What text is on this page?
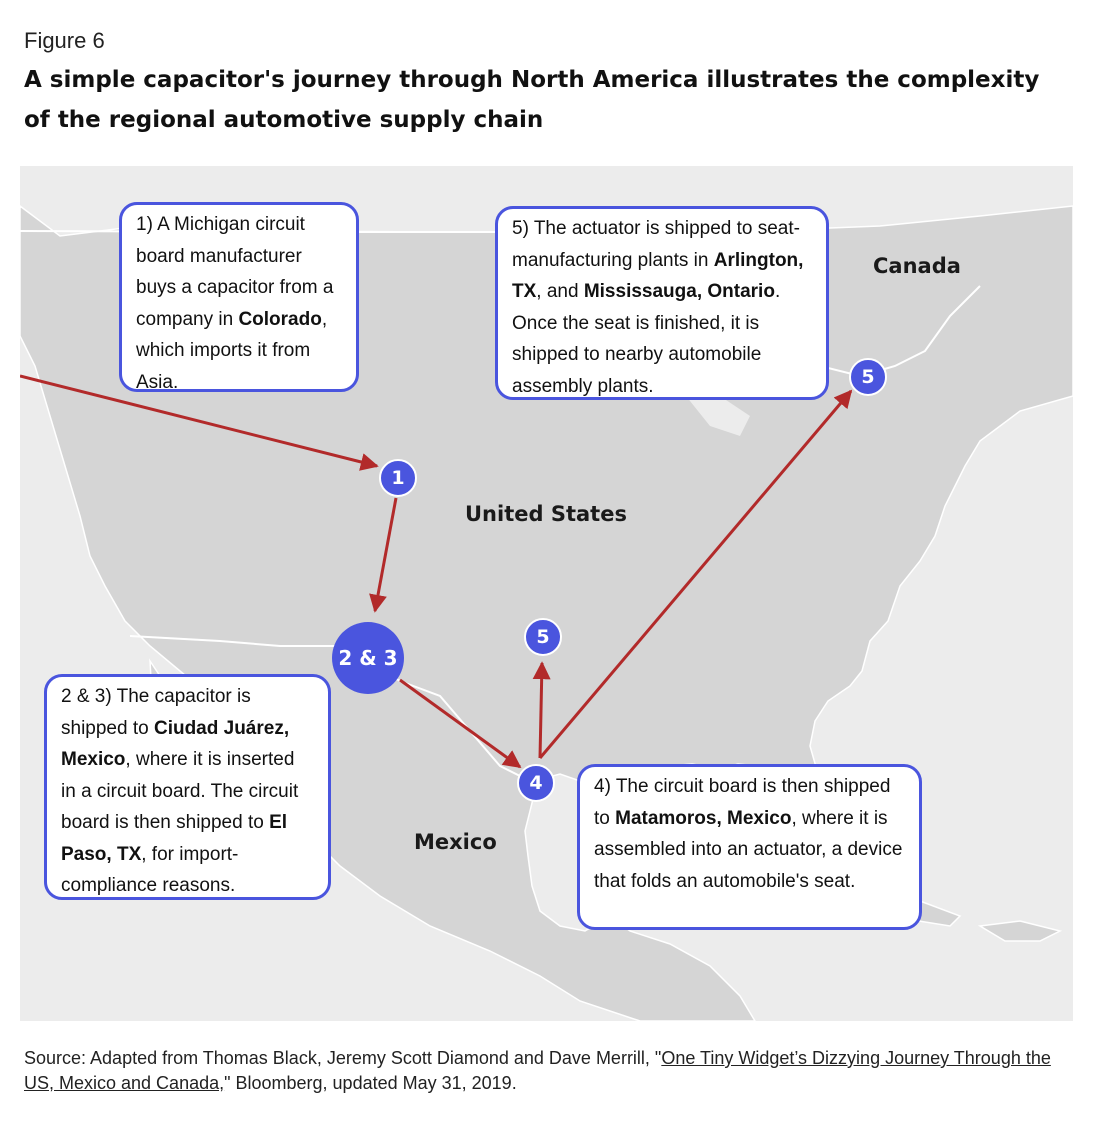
Figure 6
A simple capacitor's journey through North America illustrates the complexity of the regional automotive supply chain
Canada
United States
Mexico
1
2 & 3
4
5
5
1) A Michigan circuit board manufacturer buys a capacitor from a company in Colorado, which imports it from Asia.
5) The actuator is shipped to seat-manufacturing plants in Arlington, TX, and Mississauga, Ontario. Once the seat is finished, it is shipped to nearby automobile assembly plants.
2 & 3) The capacitor is shipped to Ciudad Juárez, Mexico, where it is inserted in a circuit board. The circuit board is then shipped to El Paso, TX, for import-compliance reasons.
4) The circuit board is then shipped to Matamoros, Mexico, where it is assembled into an actuator, a device that folds an automobile's seat.
Source: Adapted from Thomas Black, Jeremy Scott Diamond and Dave Merrill, "One Tiny Widget’s Dizzying Journey Through the US, Mexico and Canada," Bloomberg, updated May 31, 2019.
